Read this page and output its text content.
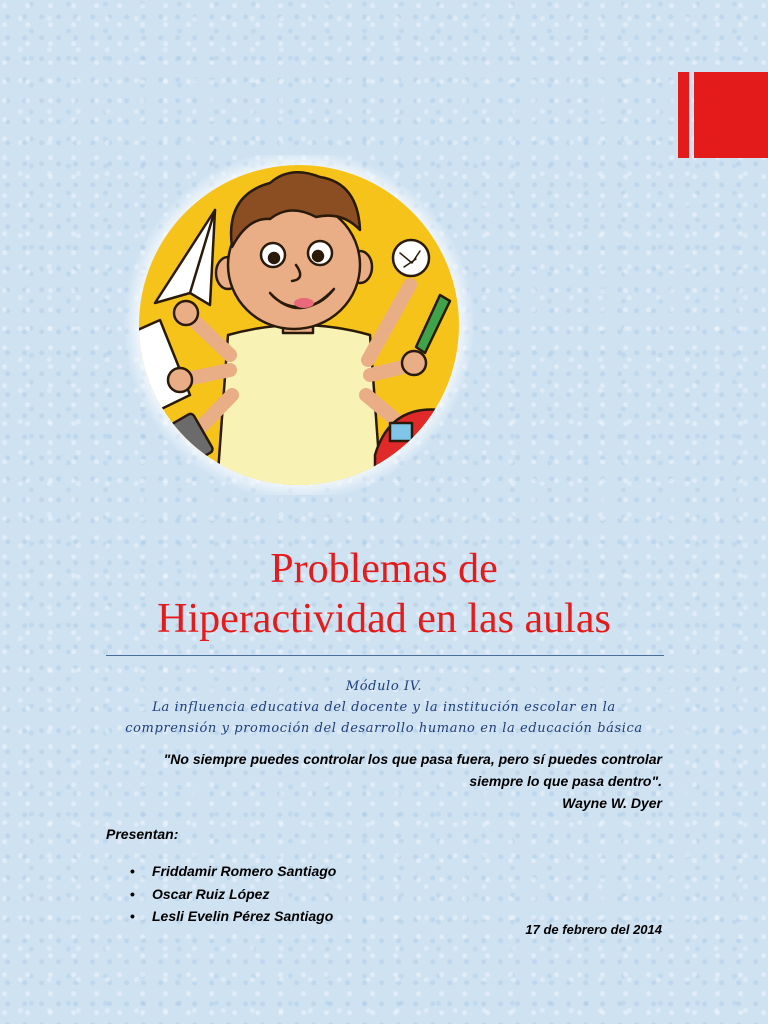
Problemas de
Hiperactividad en las aulas
Módulo IV.
La influencia educativa del docente y la institución escolar en la
comprensión y promoción del desarrollo humano en la educación básica
"No siempre puedes controlar los que pasa fuera, pero sí puedes controlar
siempre lo que pasa dentro".
Wayne W. Dyer

Presentan:

• Friddamir Romero Santiago
• Oscar Ruiz López
• Lesli Evelin Pérez Santiago
17 de febrero del 2014
